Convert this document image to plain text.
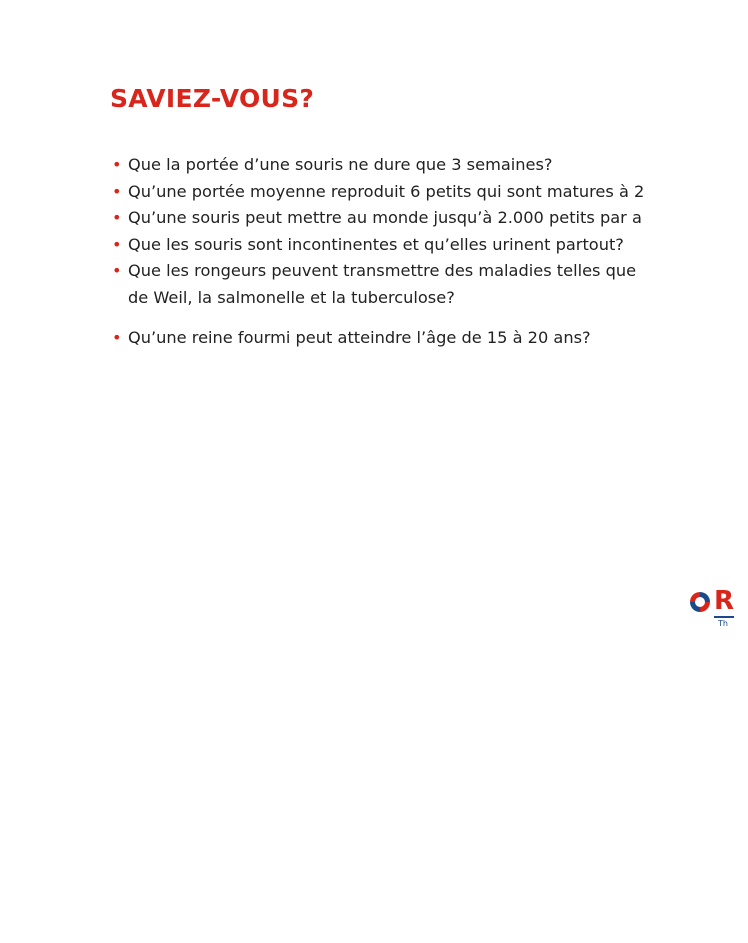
SAVIEZ-VOUS?
• Que la portée d’une souris ne dure que 3 semaines?
• Qu’une portée moyenne reproduit 6 petits qui sont matures à 2
• Qu’une souris peut mettre au monde jusqu’à 2.000 petits par a
• Que les souris sont incontinentes et qu’elles urinent partout?
• Que les rongeurs peuvent transmettre des maladies telles que
de Weil, la salmonelle et la tuberculose?
• Qu’une reine fourmi peut atteindre l’âge de 15 à 20 ans?
R
Th
